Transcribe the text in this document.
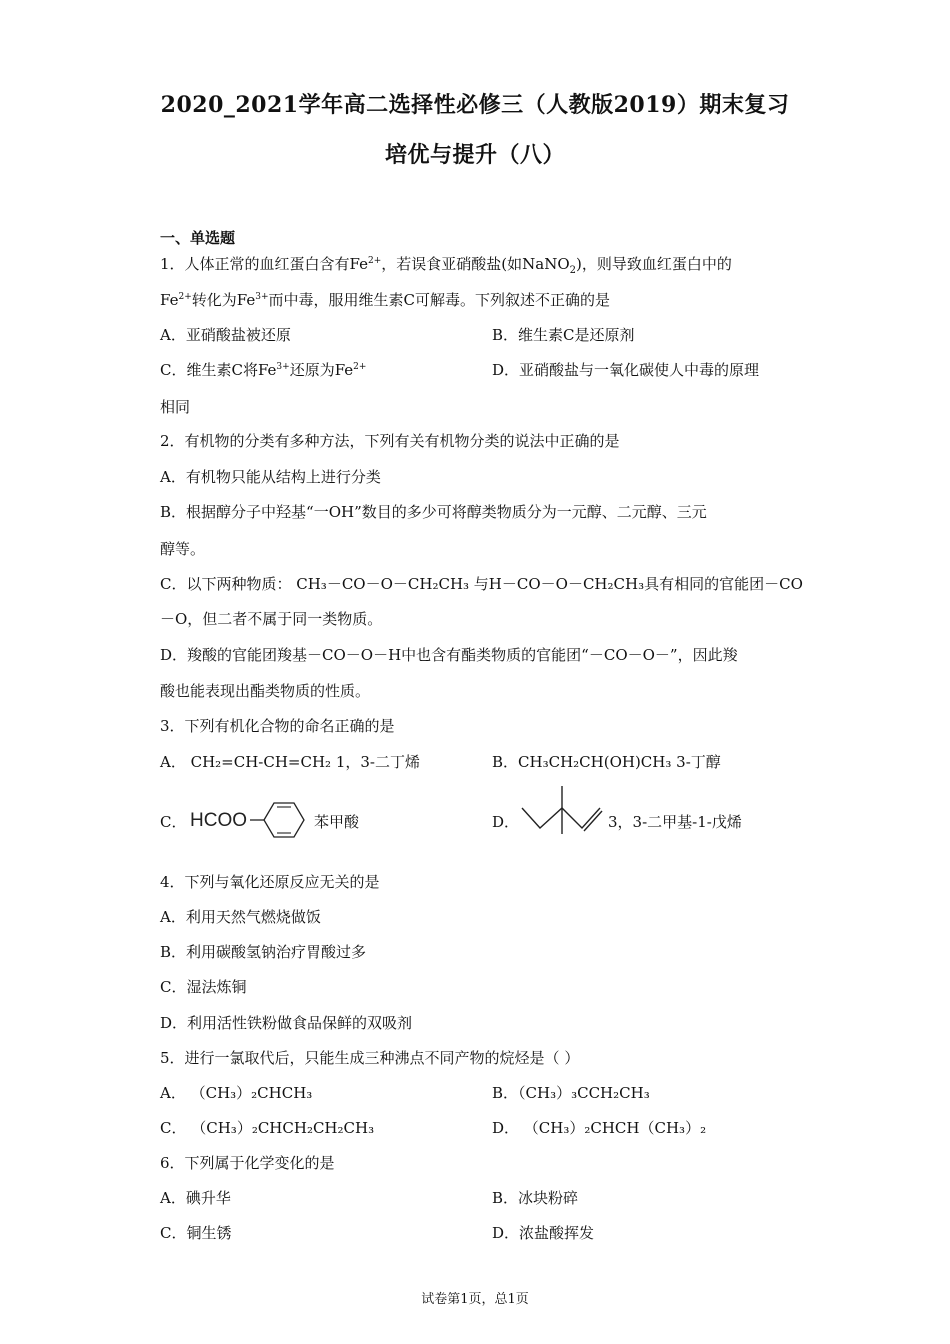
2020_2021学年高二选择性必修三（人教版2019）期末复习
培优与提升（八）
一、单选题
1．人体正常的血红蛋白含有$Fe^{2+}$，若误食亚硝酸盐(如NaNO$_2$)，则导致血红蛋白中的
$Fe^{2+}$转化为$Fe^{3+}$而中毒，服用维生素C可解毒。下列叙述不正确的是
A．亚硝酸盐被还原	B．维生素C是还原剂
C．维生素C将$Fe^{3+}$还原为$Fe^{2+}$	D．亚硝酸盐与一氧化碳使人中毒的原理
相同
2．有机物的分类有多种方法，下列有关有机物分类的说法中正确的是
A．有机物只能从结构上进行分类
B．根据醇分子中羟基“一OH”数目的多少可将醇类物质分为一元醇、二元醇、三元
醇等。
C．以下两种物质： CH₃－CO－O－CH₂CH₃ 与H－CO－O－CH₂CH₃具有相同的官能团－CO
－O，但二者不属于同一类物质。
D．羧酸的官能团羧基－CO－O－H中也含有酯类物质的官能团“－CO－O－”，因此羧
酸也能表现出酯类物质的性质。
3．下列有机化合物的命名正确的是
A． CH₂=CH-CH=CH₂ 1，3-二丁烯	B．CH₃CH₂CH(OH)CH₃ 3-丁醇
C． HCOO	苯甲酸	D．	3，3-二甲基-1-戊烯
4．下列与氧化还原反应无关的是
A．利用天然气燃烧做饭
B．利用碳酸氢钠治疗胃酸过多
C．湿法炼铜
D．利用活性铁粉做食品保鲜的双吸剂
5．进行一氯取代后，只能生成三种沸点不同产物的烷烃是（ ）
A． （CH₃）₂CHCH₃	B．（CH₃）₃CCH₂CH₃
C． （CH₃）₂CHCH₂CH₂CH₃	D． （CH₃）₂CHCH（CH₃）₂
6．下列属于化学变化的是
A．碘升华	B．冰块粉碎
C．铜生锈	D．浓盐酸挥发
试卷第1页，总1页
